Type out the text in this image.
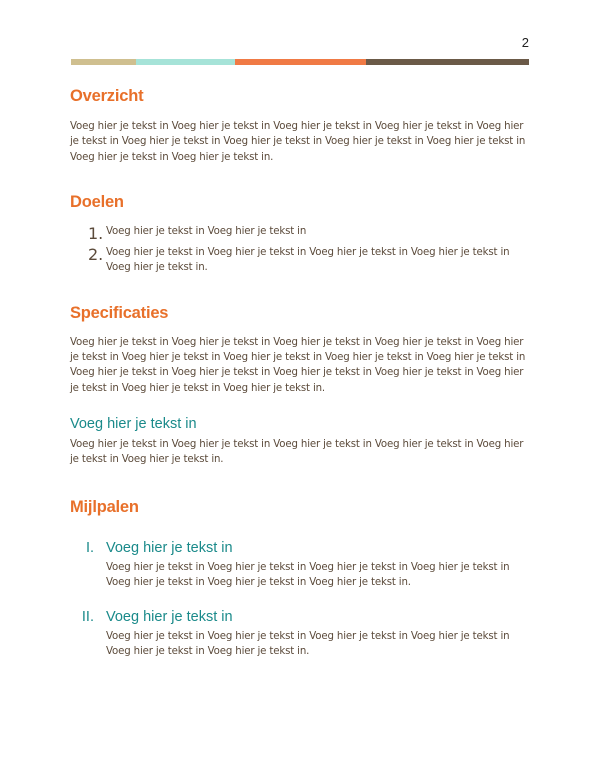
2
Overzicht

Voeg hier je tekst in Voeg hier je tekst in Voeg hier je tekst in Voeg hier je tekst in Voeg hier je tekst in Voeg hier je tekst in Voeg hier je tekst in Voeg hier je tekst in Voeg hier je tekst in Voeg hier je tekst in Voeg hier je tekst in.

Doelen
1. Voeg hier je tekst in Voeg hier je tekst in

2. Voeg hier je tekst in Voeg hier je tekst in Voeg hier je tekst in Voeg hier je tekst in Voeg hier je tekst in.

Specificaties

Voeg hier je tekst in Voeg hier je tekst in Voeg hier je tekst in Voeg hier je tekst in Voeg hier je tekst in Voeg hier je tekst in Voeg hier je tekst in Voeg hier je tekst in Voeg hier je tekst in Voeg hier je tekst in Voeg hier je tekst in Voeg hier je tekst in Voeg hier je tekst in Voeg hier je tekst in Voeg hier je tekst in Voeg hier je tekst in.

Voeg hier je tekst in

Voeg hier je tekst in Voeg hier je tekst in Voeg hier je tekst in Voeg hier je tekst in Voeg hier je tekst in Voeg hier je tekst in.

Mijlpalen
I. Voeg hier je tekst in

Voeg hier je tekst in Voeg hier je tekst in Voeg hier je tekst in Voeg hier je tekst in Voeg hier je tekst in Voeg hier je tekst in Voeg hier je tekst in.

II. Voeg hier je tekst in

Voeg hier je tekst in Voeg hier je tekst in Voeg hier je tekst in Voeg hier je tekst in Voeg hier je tekst in Voeg hier je tekst in.
